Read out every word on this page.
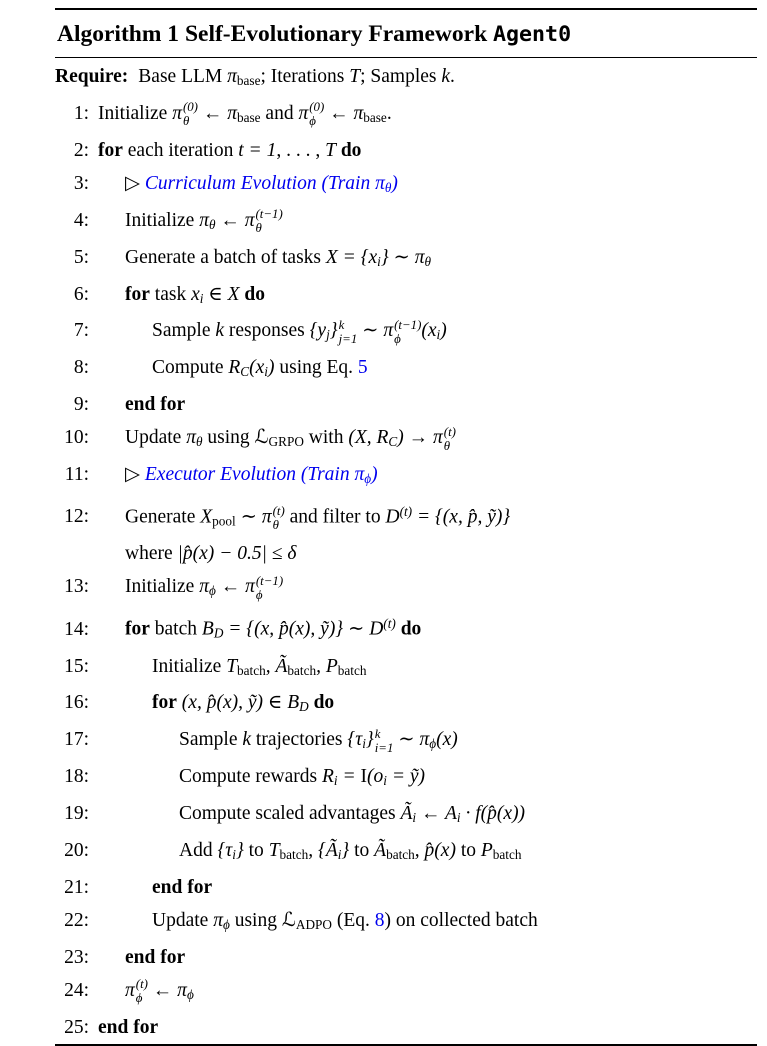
Algorithm 1 Self-Evolutionary Framework Agent0
Require: Base LLM πbase; Iterations T; Samples k.
1: Initialize π (0)
θ ← πbase and π (0)
ϕ ← πbase.
2: for each iteration t = 1, . . . , T do
3: ▷ Curriculum Evolution (Train πθ)
4: Initialize πθ ← π (t−1)
θ
5: Generate a batch of tasks X = {xi} ∼ πθ
6: for task xi ∈ X do
7:	Sample k responses {yj} k
j=1 ∼ π (t−1)
ϕ	(xi)
8:	Compute RC(xi) using Eq. 5
9: end for
10: Update πθ using ℒGRPO with (X, RC) → π (t)
θ
11: ▷ Executor Evolution (Train πϕ)
12: Generate Xpool ∼ π (t)
θ and filter to $D^{(t)} = \{(x$, p̂, ỹ)}
where |p̂(x) − 0.5| ≤ δ
13: Initialize πϕ ← π (t−1)
ϕ
14: for batch BD = {(x, p̂(x), ỹ)} ∼ $D^{(t)}$ do
15:	Initialize Tbatch, Ãbatch, Pbatch
16:	for (x, p̂(x), ỹ) ∈ BD do
17:	Sample k trajectories {τi} k
i=1 ∼ πϕ(x)
18:	Compute rewards Ri = I(oi = ỹ)
19:	Compute scaled advantages Ãi ← Ai · f(p̂(x))
20:	Add {τi} to Tbatch, {Ãi} to Ãbatch, p̂(x) to Pbatch
21:	end for
22:	Update πϕ using ℒADPO (Eq. 8) on collected batch
23: end for
24: π (t)
ϕ ← πϕ
25: end for
